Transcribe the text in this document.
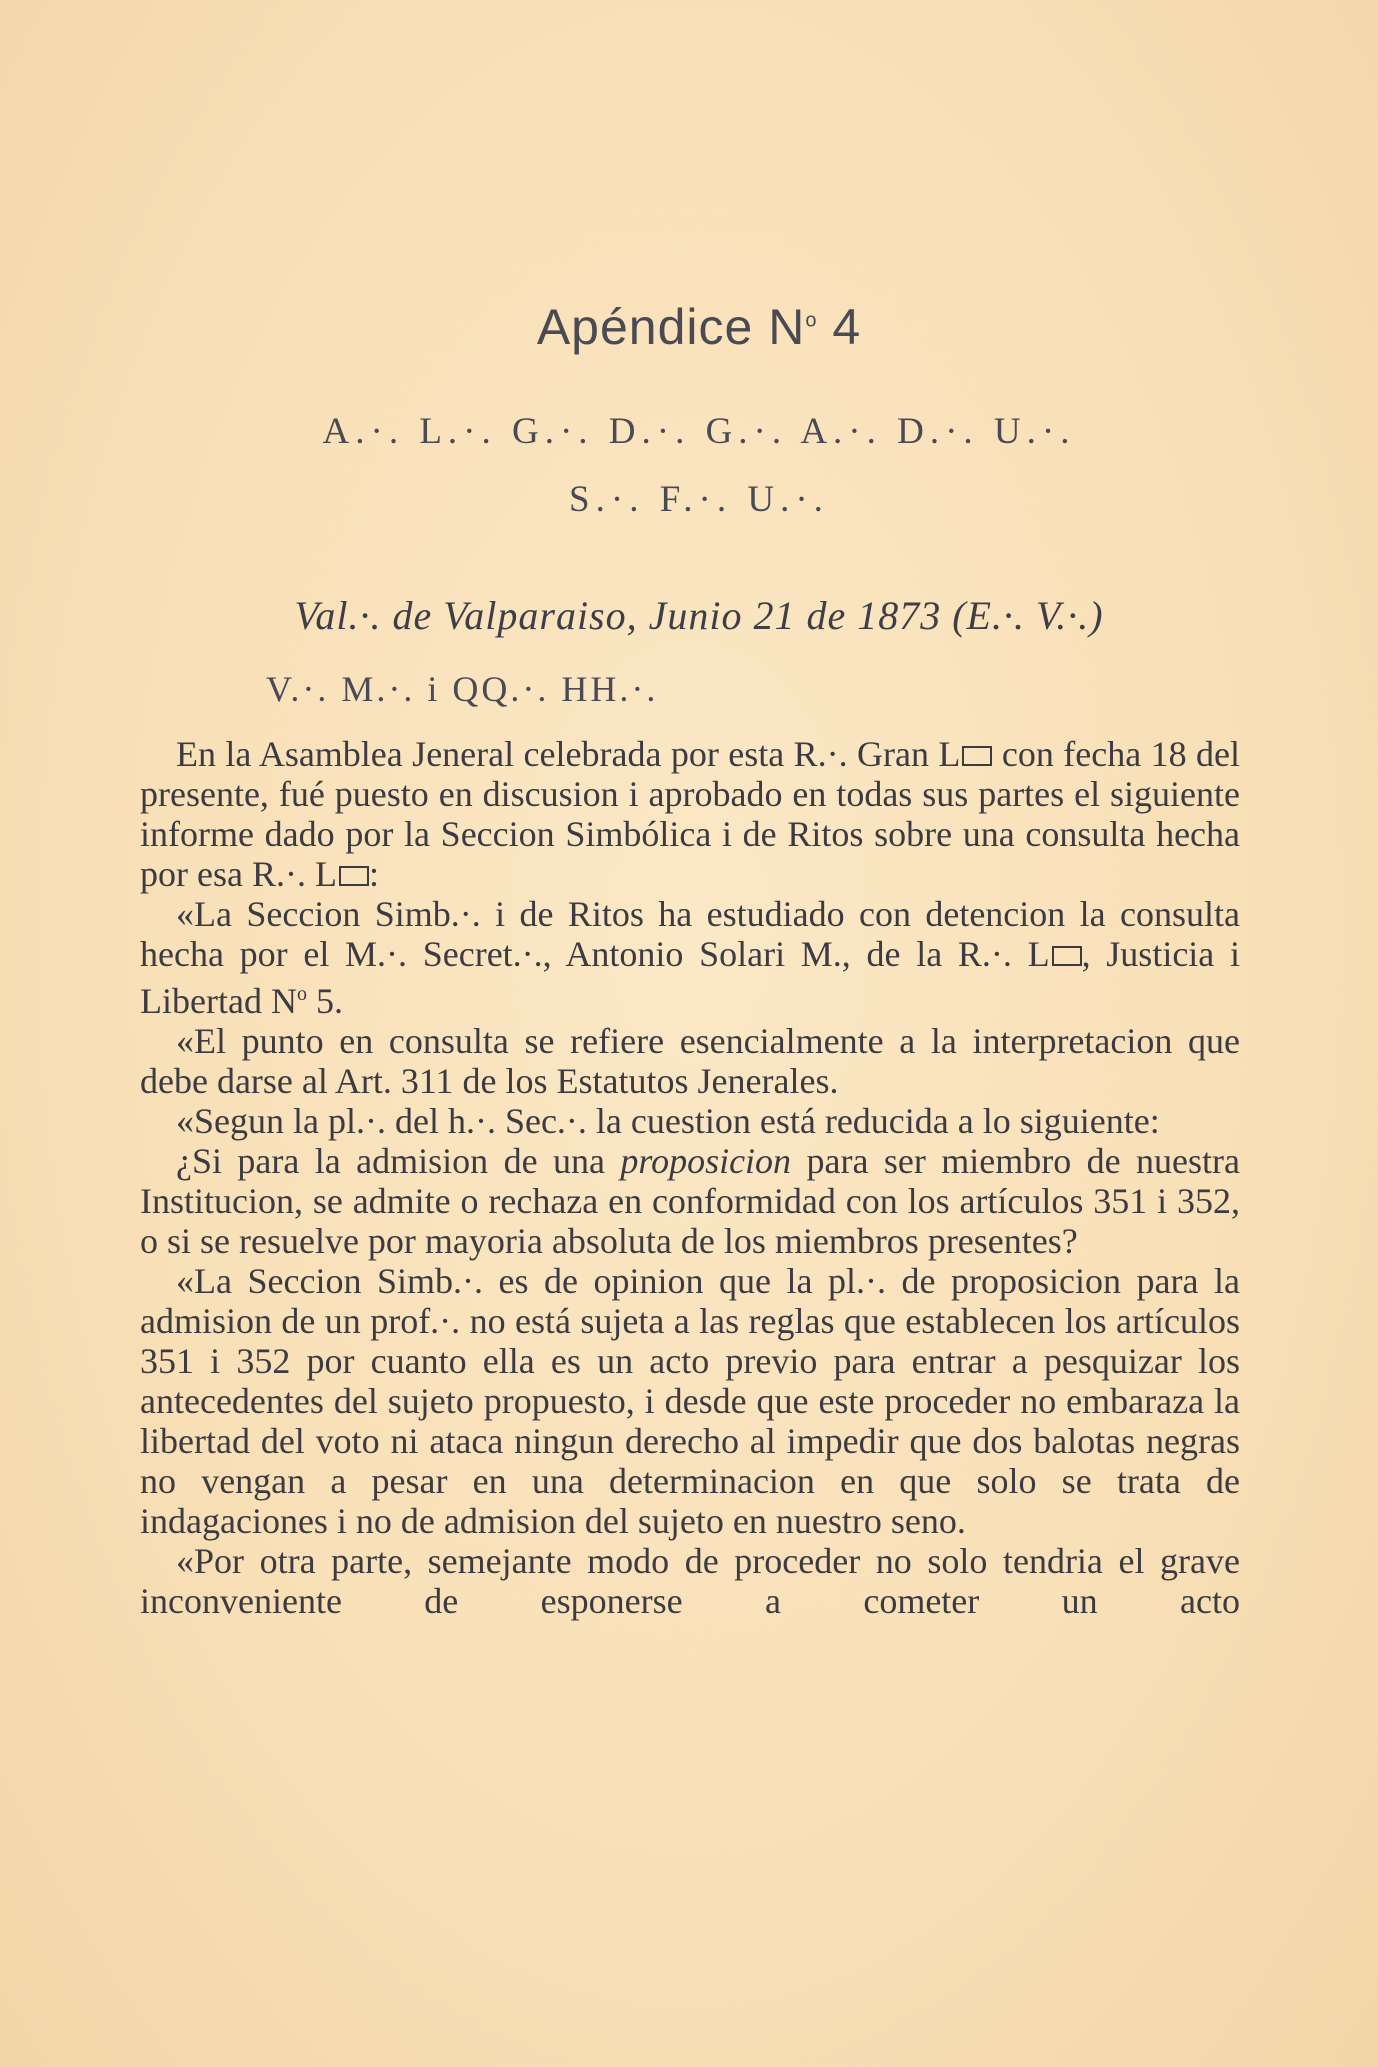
Apéndice $N^o$ 4
A.·. L.·. G.·. D.·. G.·. A.·. D.·. U.·.
S.·. F.·. U.·.
Val.·. de Valparaiso, Junio 21 de 1873 (E.·. V.·.)
V.·. M.·. i QQ.·. HH.·.

En la Asamblea Jeneral celebrada por esta R.·. Gran L con fecha 18 del presente, fué puesto en discusion i aprobado en todas sus partes el siguiente informe dado por la Seccion Simbólica i de Ritos sobre una consulta hecha por esa R.·. L :

«La Seccion Simb.·. i de Ritos ha estudiado con detencion la consulta hecha por el M.·. Secret.·., Antonio Solari M., de la R.·. L , Justicia i Libertad $N^o$ 5.

«El punto en consulta se refiere esencialmente a la interpretacion que debe darse al Art. 311 de los Estatutos Jenerales.

«Segun la pl.·. del h.·. Sec.·. la cuestion está reducida a lo siguiente:

¿Si para la admision de una proposicion para ser miembro de nuestra Institucion, se admite o rechaza en conformidad con los artículos 351 i 352, o si se resuelve por mayoria absoluta de los miembros presentes?

«La Seccion Simb.·. es de opinion que la pl.·. de proposicion para la admision de un prof.·. no está sujeta a las reglas que establecen los artículos 351 i 352 por cuanto ella es un acto previo para entrar a pesquizar los antecedentes del sujeto propuesto, i desde que este proceder no embaraza la libertad del voto ni ataca ningun derecho al impedir que dos balotas negras no vengan a pesar en una determinacion en que solo se trata de indagaciones i no de admision del sujeto en nuestro seno.

«Por otra parte, semejante modo de proceder no solo tendria el grave inconveniente de esponerse a cometer un acto
